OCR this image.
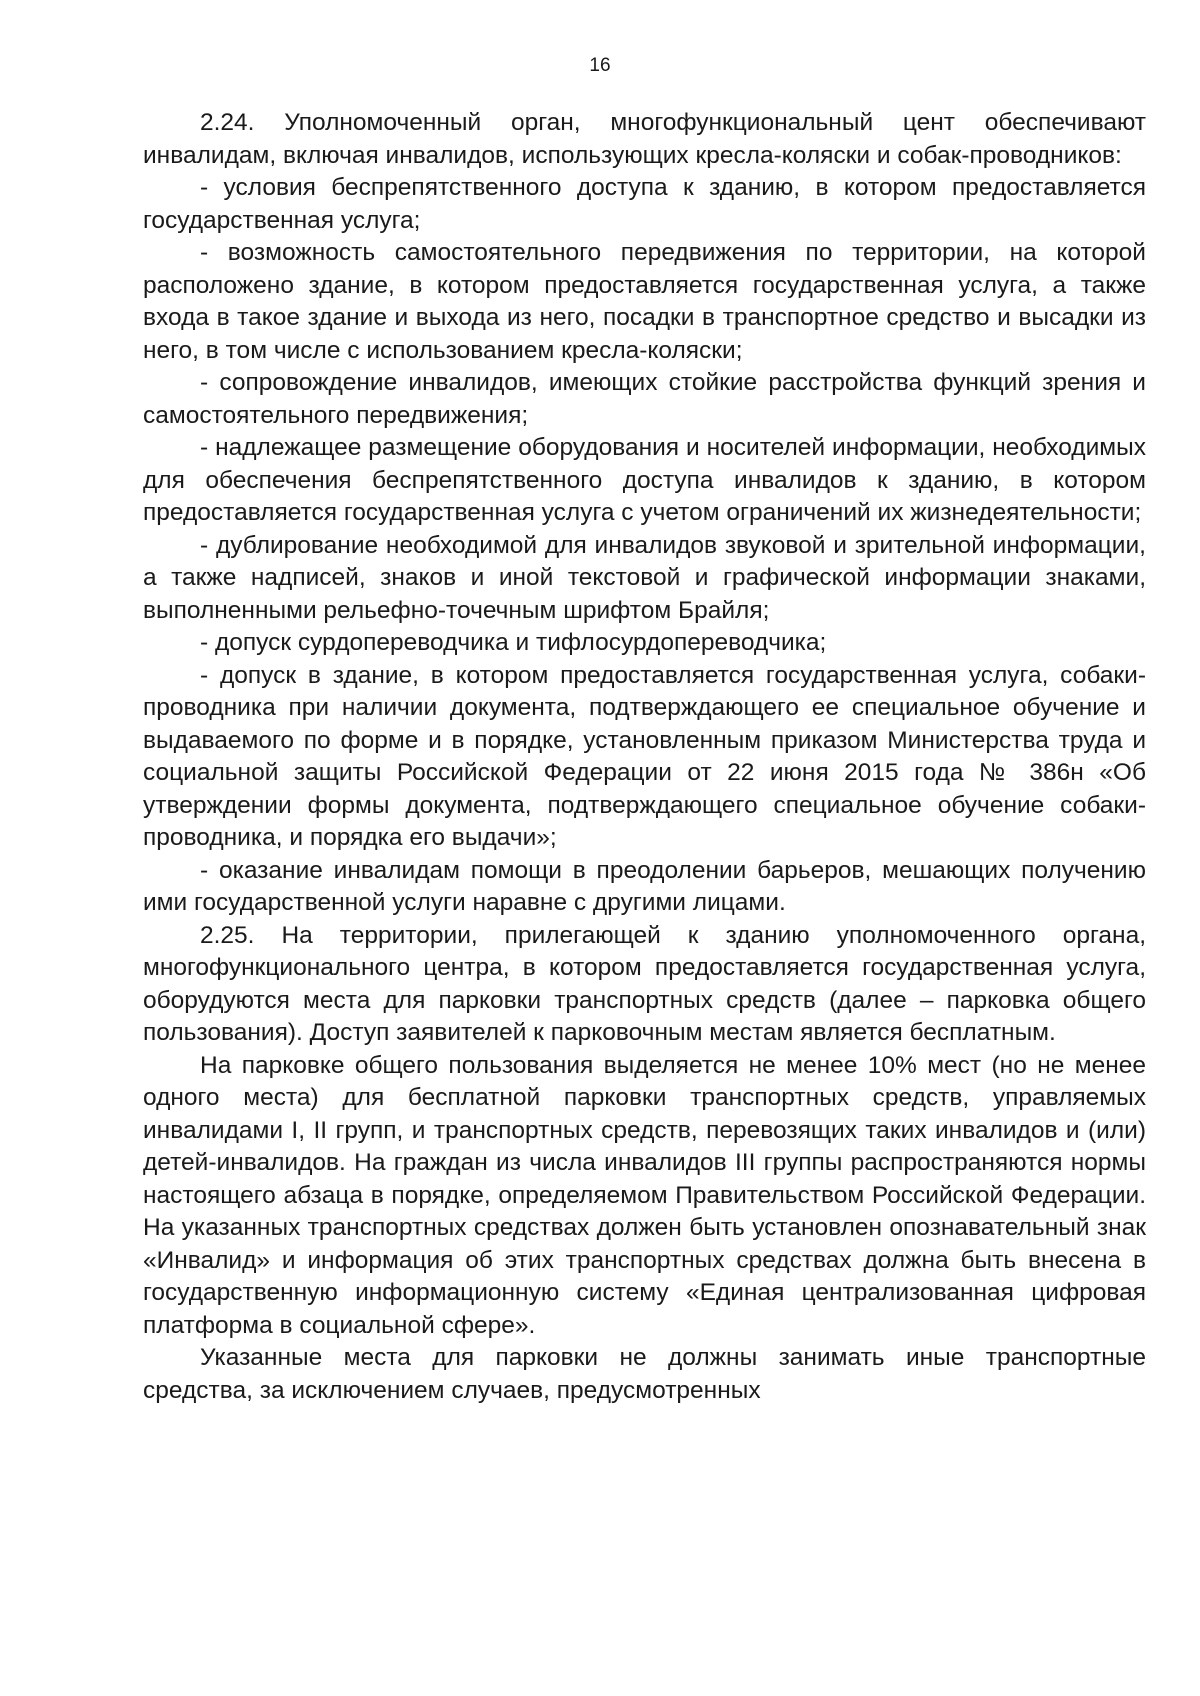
16

2.24. Уполномоченный орган, многофункциональный цент обеспечивают инвалидам, включая инвалидов, использующих кресла-коляски и собак-проводников:

- условия беспрепятственного доступа к зданию, в котором предоставляется государственная услуга;

- возможность самостоятельного передвижения по территории, на которой расположено здание, в котором предоставляется государственная услуга, а также входа в такое здание и выхода из него, посадки в транспортное средство и высадки из него, в том числе с использованием кресла-коляски;

- сопровождение инвалидов, имеющих стойкие расстройства функций зрения и самостоятельного передвижения;

- надлежащее размещение оборудования и носителей информации, необходимых для обеспечения беспрепятственного доступа инвалидов к зданию, в котором предоставляется государственная услуга с учетом ограничений их жизнедеятельности;

- дублирование необходимой для инвалидов звуковой и зрительной информации, а также надписей, знаков и иной текстовой и графической информации знаками, выполненными рельефно-точечным шрифтом Брайля;

- допуск сурдопереводчика и тифлосурдопереводчика;

- допуск в здание, в котором предоставляется государственная услуга, собаки-проводника при наличии документа, подтверждающего ее специальное обучение и выдаваемого по форме и в порядке, установленным приказом Министерства труда и социальной защиты Российской Федерации от 22 июня 2015 года № 386н «Об утверждении формы документа, подтверждающего специальное обучение собаки-проводника, и порядка его выдачи»;

- оказание инвалидам помощи в преодолении барьеров, мешающих получению ими государственной услуги наравне с другими лицами.

2.25. На территории, прилегающей к зданию уполномоченного органа, многофункционального центра, в котором предоставляется государственная услуга, оборудуются места для парковки транспортных средств (далее – парковка общего пользования). Доступ заявителей к парковочным местам является бесплатным.

На парковке общего пользования выделяется не менее 10% мест (но не менее одного места) для бесплатной парковки транспортных средств, управляемых инвалидами I, II групп, и транспортных средств, перевозящих таких инвалидов и (или) детей-инвалидов. На граждан из числа инвалидов III группы распространяются нормы настоящего абзаца в порядке, определяемом Правительством Российской Федерации. На указанных транспортных средствах должен быть установлен опознавательный знак «Инвалид» и информация об этих транспортных средствах должна быть внесена в государственную информационную систему «Единая централизованная цифровая платформа в социальной сфере».

Указанные места для парковки не должны занимать иные транспортные средства, за исключением случаев, предусмотренных
